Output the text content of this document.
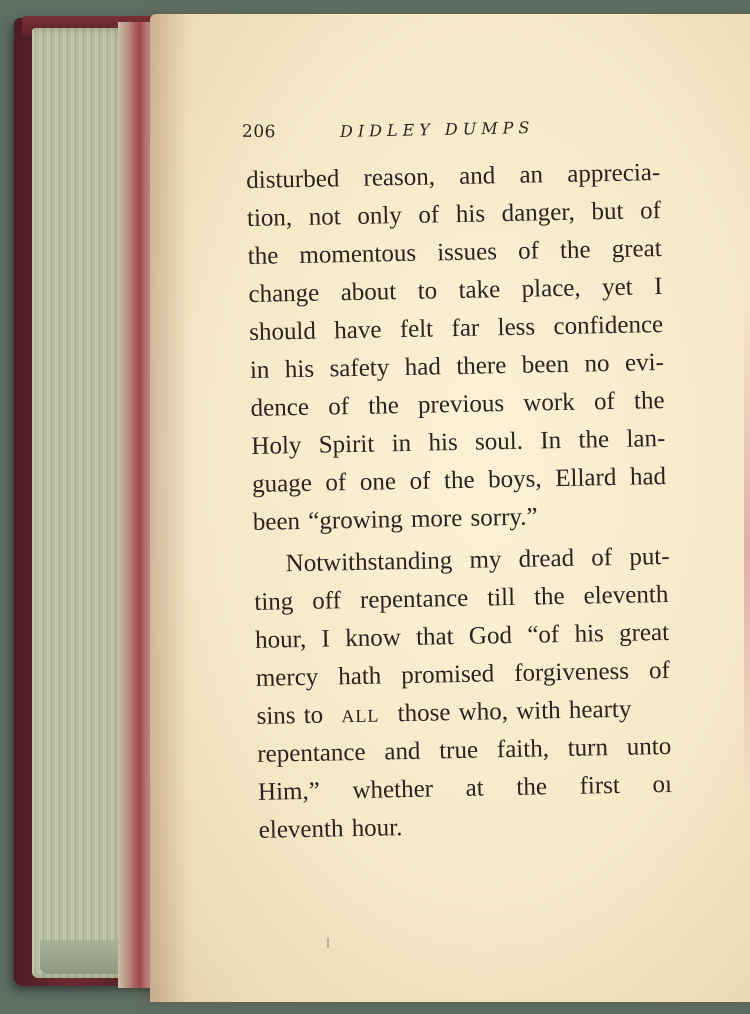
206	DIDLEY DUMPS
disturbed reason, and an apprecia-
tion, not only of his danger, but of
the momentous issues of the great
change about to take place, yet I
should have felt far less confidence
in his safety had there been no evi-
dence of the previous work of the
Holy Spirit in his soul. In the lan-
guage of one of the boys, Ellard had
been “growing more sorry.”
Notwithstanding my dread of put-
ting off repentance till the eleventh
hour, I know that God “of his great
mercy hath promised forgiveness of
sins to ALL those who, with hearty
repentance and true faith, turn unto
Him,” whether at the first oı
eleventh hour.
